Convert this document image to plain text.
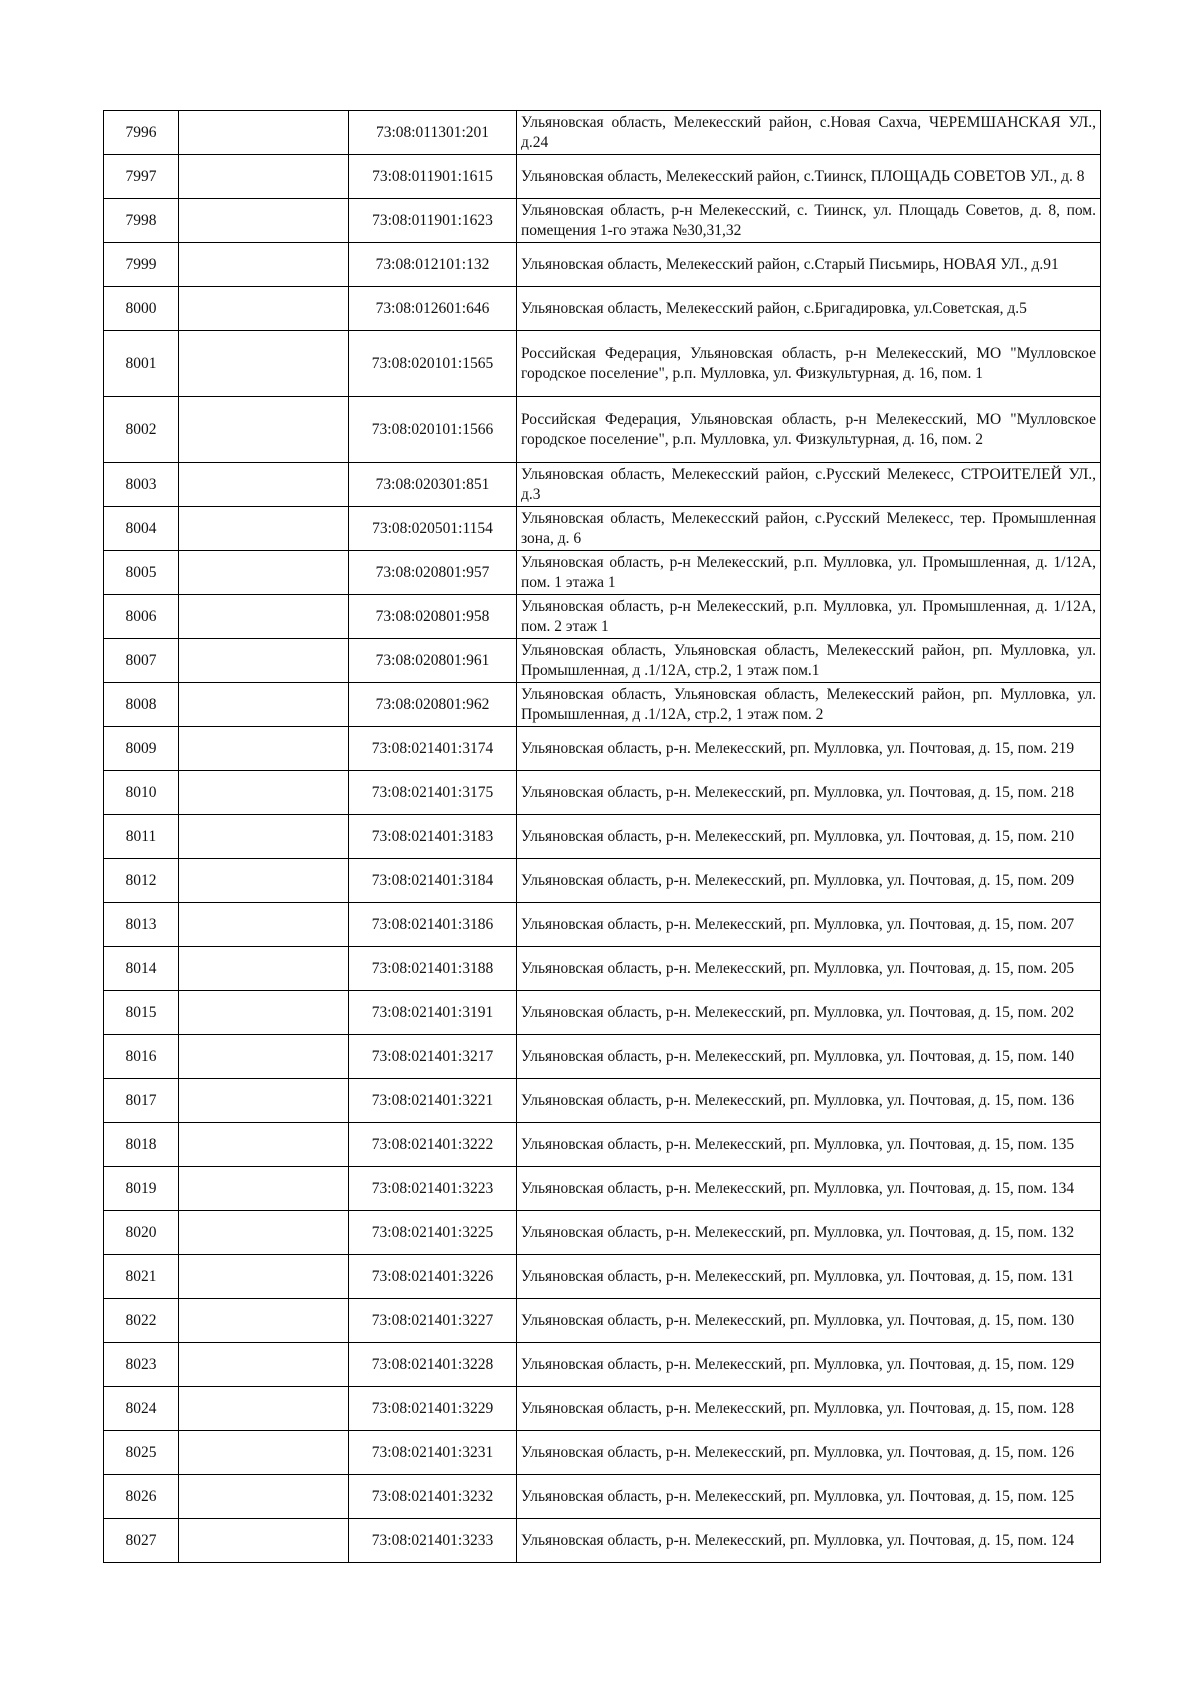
7996		73:08:011301:201	Ульяновская область, Мелекесский район, с.Новая Сахча, ЧЕРЕМШАНСКАЯ УЛ., д.24
7997		73:08:011901:1615	Ульяновская область, Мелекесский район, с.Тиинск, ПЛОЩАДЬ СОВЕТОВ УЛ., д. 8
7998		73:08:011901:1623	Ульяновская область, р-н Мелекесский, с. Тиинск, ул. Площадь Советов, д. 8, пом. помещения 1-го этажа №30,31,32
7999		73:08:012101:132	Ульяновская область, Мелекесский район, с.Старый Письмирь, НОВАЯ УЛ., д.91
8000		73:08:012601:646	Ульяновская область, Мелекесский район, с.Бригадировка, ул.Советская, д.5
8001		73:08:020101:1565	Российская Федерация, Ульяновская область, р-н Мелекесский, МО "Мулловское городское поселение", р.п. Мулловка, ул. Физкультурная, д. 16, пом. 1
8002		73:08:020101:1566	Российская Федерация, Ульяновская область, р-н Мелекесский, МО "Мулловское городское поселение", р.п. Мулловка, ул. Физкультурная, д. 16, пом. 2
8003		73:08:020301:851	Ульяновская область, Мелекесский район, с.Русский Мелекесс, СТРОИТЕЛЕЙ УЛ., д.3
8004		73:08:020501:1154	Ульяновская область, Мелекесский район, с.Русский Мелекесс, тер. Промышленная зона, д. 6
8005		73:08:020801:957	Ульяновская область, р-н Мелекесский, р.п. Мулловка, ул. Промышленная, д. 1/12А, пом. 1 этажа 1
8006		73:08:020801:958	Ульяновская область, р-н Мелекесский, р.п. Мулловка, ул. Промышленная, д. 1/12А, пом. 2 этаж 1
8007		73:08:020801:961	Ульяновская область, Ульяновская область, Мелекесский район, рп. Мулловка, ул. Промышленная, д .1/12А, стр.2, 1 этаж пом.1
8008		73:08:020801:962	Ульяновская область, Ульяновская область, Мелекесский район, рп. Мулловка, ул. Промышленная, д .1/12А, стр.2, 1 этаж пом. 2
8009		73:08:021401:3174	Ульяновская область, р-н. Мелекесский, рп. Мулловка, ул. Почтовая, д. 15, пом. 219
8010		73:08:021401:3175	Ульяновская область, р-н. Мелекесский, рп. Мулловка, ул. Почтовая, д. 15, пом. 218
8011		73:08:021401:3183	Ульяновская область, р-н. Мелекесский, рп. Мулловка, ул. Почтовая, д. 15, пом. 210
8012		73:08:021401:3184	Ульяновская область, р-н. Мелекесский, рп. Мулловка, ул. Почтовая, д. 15, пом. 209
8013		73:08:021401:3186	Ульяновская область, р-н. Мелекесский, рп. Мулловка, ул. Почтовая, д. 15, пом. 207
8014		73:08:021401:3188	Ульяновская область, р-н. Мелекесский, рп. Мулловка, ул. Почтовая, д. 15, пом. 205
8015		73:08:021401:3191	Ульяновская область, р-н. Мелекесский, рп. Мулловка, ул. Почтовая, д. 15, пом. 202
8016		73:08:021401:3217	Ульяновская область, р-н. Мелекесский, рп. Мулловка, ул. Почтовая, д. 15, пом. 140
8017		73:08:021401:3221	Ульяновская область, р-н. Мелекесский, рп. Мулловка, ул. Почтовая, д. 15, пом. 136
8018		73:08:021401:3222	Ульяновская область, р-н. Мелекесский, рп. Мулловка, ул. Почтовая, д. 15, пом. 135
8019		73:08:021401:3223	Ульяновская область, р-н. Мелекесский, рп. Мулловка, ул. Почтовая, д. 15, пом. 134
8020		73:08:021401:3225	Ульяновская область, р-н. Мелекесский, рп. Мулловка, ул. Почтовая, д. 15, пом. 132
8021		73:08:021401:3226	Ульяновская область, р-н. Мелекесский, рп. Мулловка, ул. Почтовая, д. 15, пом. 131
8022		73:08:021401:3227	Ульяновская область, р-н. Мелекесский, рп. Мулловка, ул. Почтовая, д. 15, пом. 130
8023		73:08:021401:3228	Ульяновская область, р-н. Мелекесский, рп. Мулловка, ул. Почтовая, д. 15, пом. 129
8024		73:08:021401:3229	Ульяновская область, р-н. Мелекесский, рп. Мулловка, ул. Почтовая, д. 15, пом. 128
8025		73:08:021401:3231	Ульяновская область, р-н. Мелекесский, рп. Мулловка, ул. Почтовая, д. 15, пом. 126
8026		73:08:021401:3232	Ульяновская область, р-н. Мелекесский, рп. Мулловка, ул. Почтовая, д. 15, пом. 125
8027		73:08:021401:3233	Ульяновская область, р-н. Мелекесский, рп. Мулловка, ул. Почтовая, д. 15, пом. 124
